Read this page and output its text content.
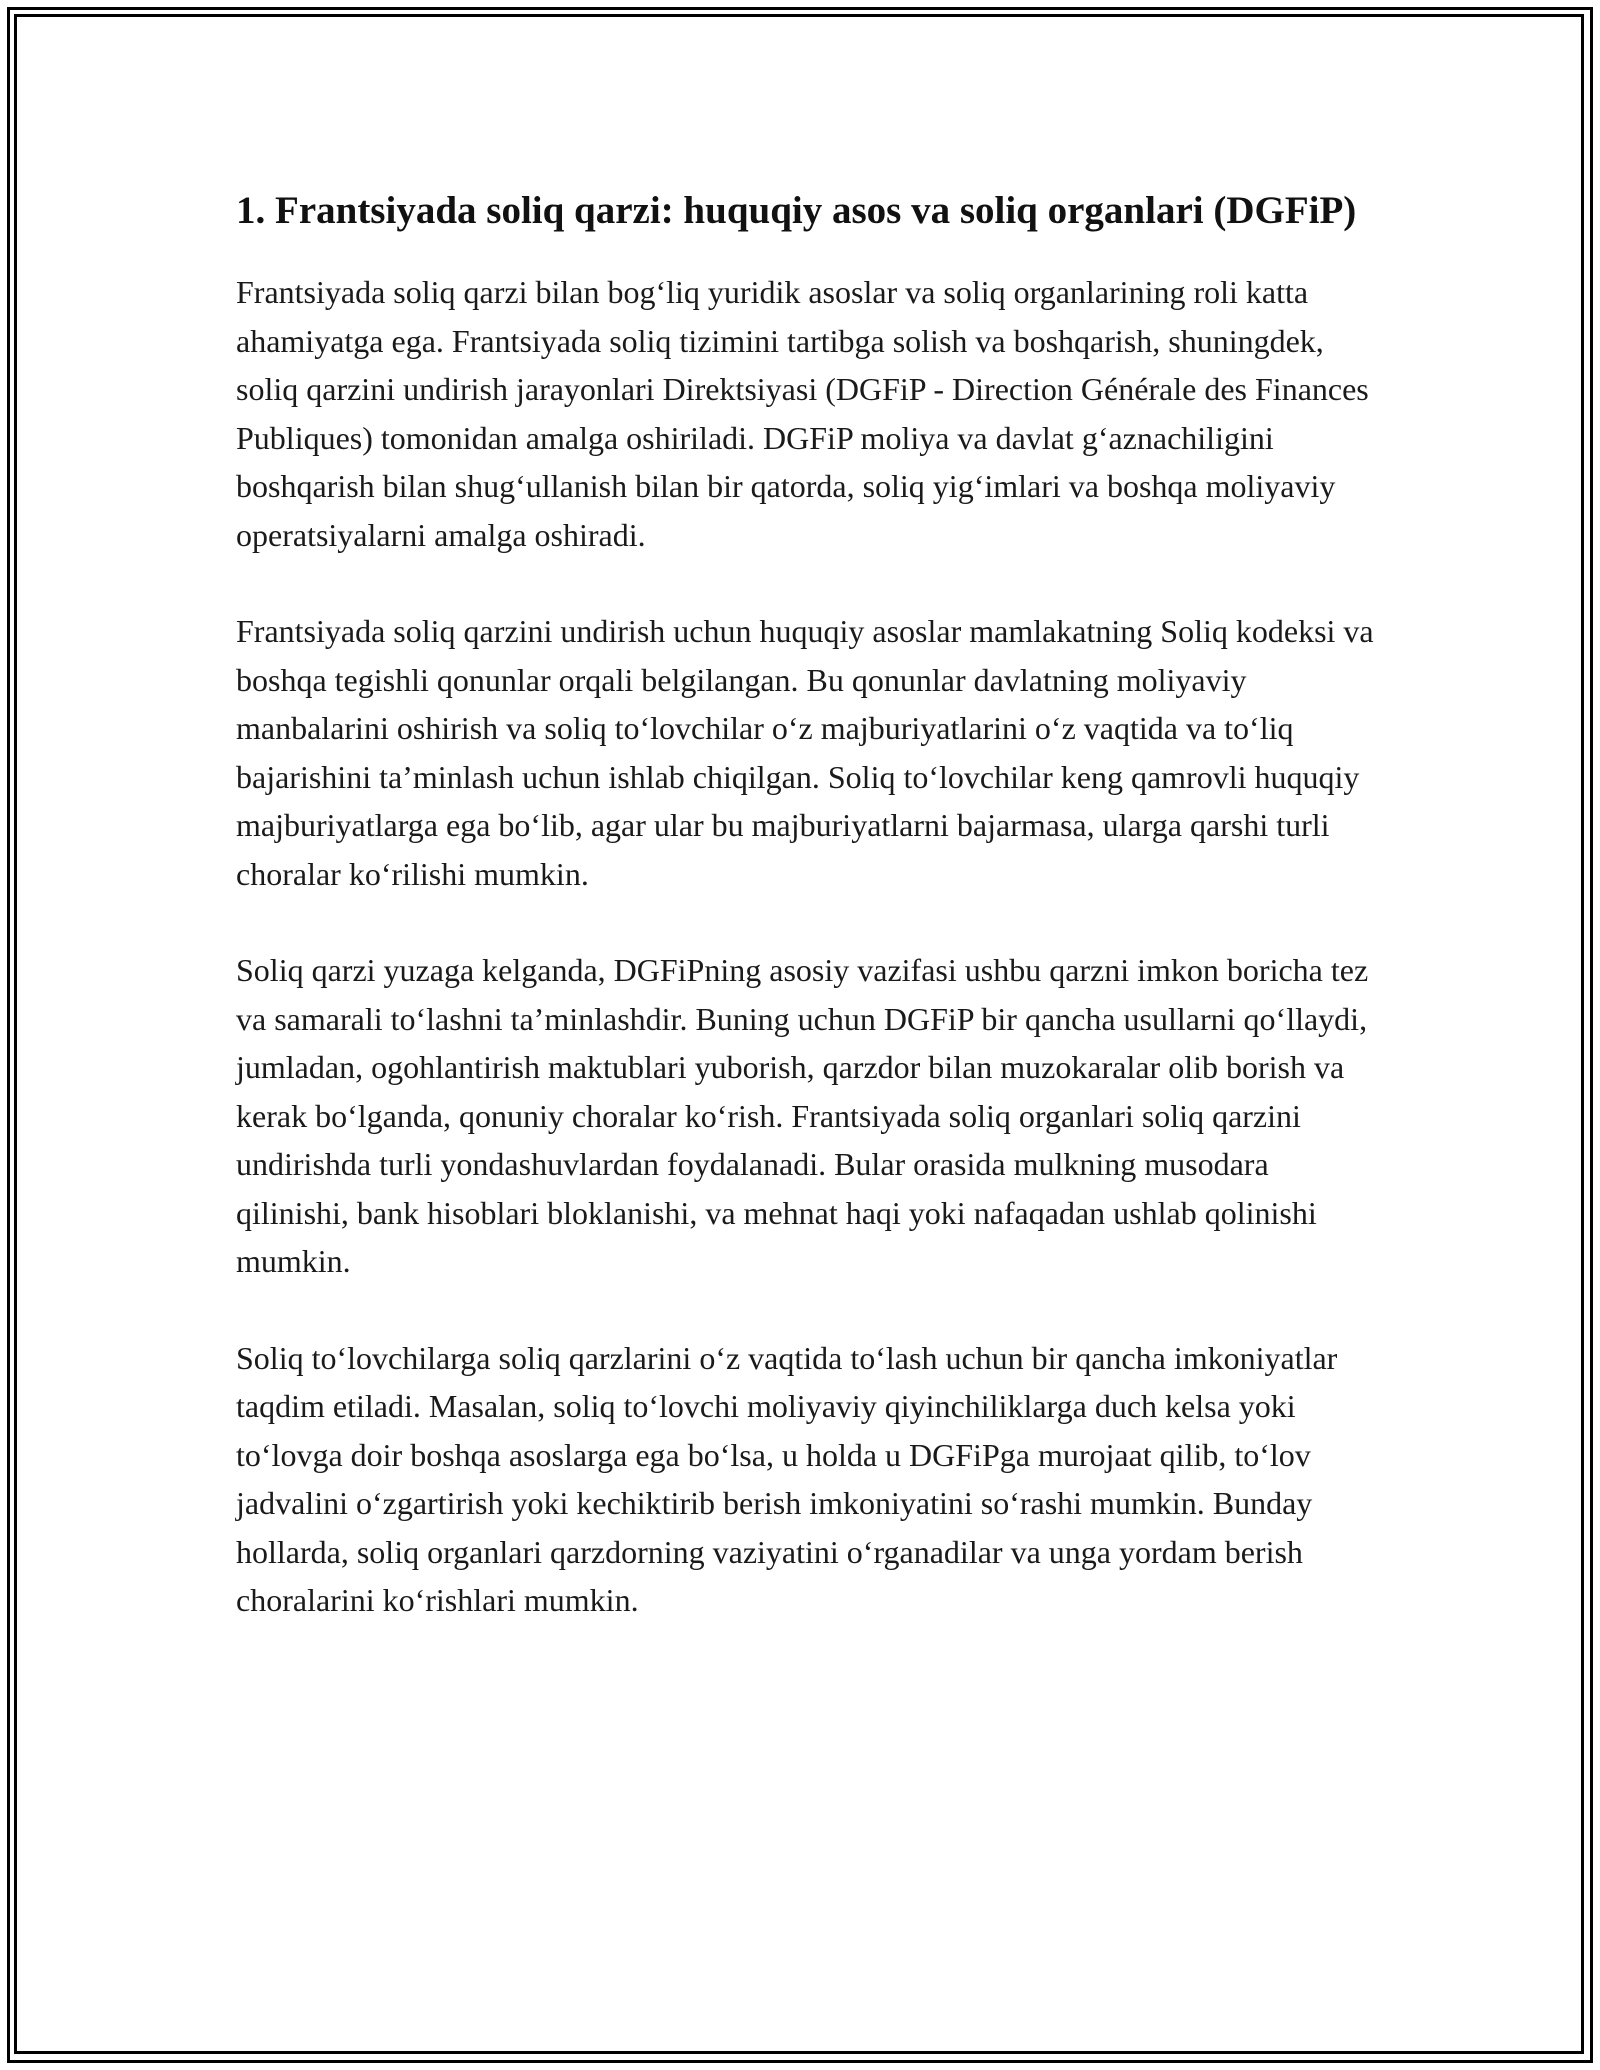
1. Frantsiyada soliq qarzi: huquqiy asos va soliq organlari (DGFiP)

Frantsiyada soliq qarzi bilan bog‘liq yuridik asoslar va soliq organlarining roli katta ahamiyatga ega. Frantsiyada soliq tizimini tartibga solish va boshqarish, shuningdek, soliq qarzini undirish jarayonlari Direktsiyasi (DGFiP - Direction Générale des Finances Publiques) tomonidan amalga oshiriladi. DGFiP moliya va davlat g‘aznachiligini boshqarish bilan shug‘ullanish bilan bir qatorda, soliq yig‘imlari va boshqa moliyaviy operatsiyalarni amalga oshiradi.

Frantsiyada soliq qarzini undirish uchun huquqiy asoslar mamlakatning Soliq kodeksi va boshqa tegishli qonunlar orqali belgilangan. Bu qonunlar davlatning moliyaviy manbalarini oshirish va soliq to‘lovchilar o‘z majburiyatlarini o‘z vaqtida va to‘liq bajarishini ta’minlash uchun ishlab chiqilgan. Soliq to‘lovchilar keng qamrovli huquqiy majburiyatlarga ega bo‘lib, agar ular bu majburiyatlarni bajarmasa, ularga qarshi turli choralar ko‘rilishi mumkin.

Soliq qarzi yuzaga kelganda, DGFiPning asosiy vazifasi ushbu qarzni imkon boricha tez va samarali to‘lashni ta’minlashdir. Buning uchun DGFiP bir qancha usullarni qo‘llaydi, jumladan, ogohlantirish maktublari yuborish, qarzdor bilan muzokaralar olib borish va kerak bo‘lganda, qonuniy choralar ko‘rish. Frantsiyada soliq organlari soliq qarzini undirishda turli yondashuvlardan foydalanadi. Bular orasida mulkning musodara qilinishi, bank hisoblari bloklanishi, va mehnat haqi yoki nafaqadan ushlab qolinishi mumkin.

Soliq to‘lovchilarga soliq qarzlarini o‘z vaqtida to‘lash uchun bir qancha imkoniyatlar taqdim etiladi. Masalan, soliq to‘lovchi moliyaviy qiyinchiliklarga duch kelsa yoki to‘lovga doir boshqa asoslarga ega bo‘lsa, u holda u DGFiPga murojaat qilib, to‘lov jadvalini o‘zgartirish yoki kechiktirib berish imkoniyatini so‘rashi mumkin. Bunday hollarda, soliq organlari qarzdorning vaziyatini o‘rganadilar va unga yordam berish choralarini ko‘rishlari mumkin.
